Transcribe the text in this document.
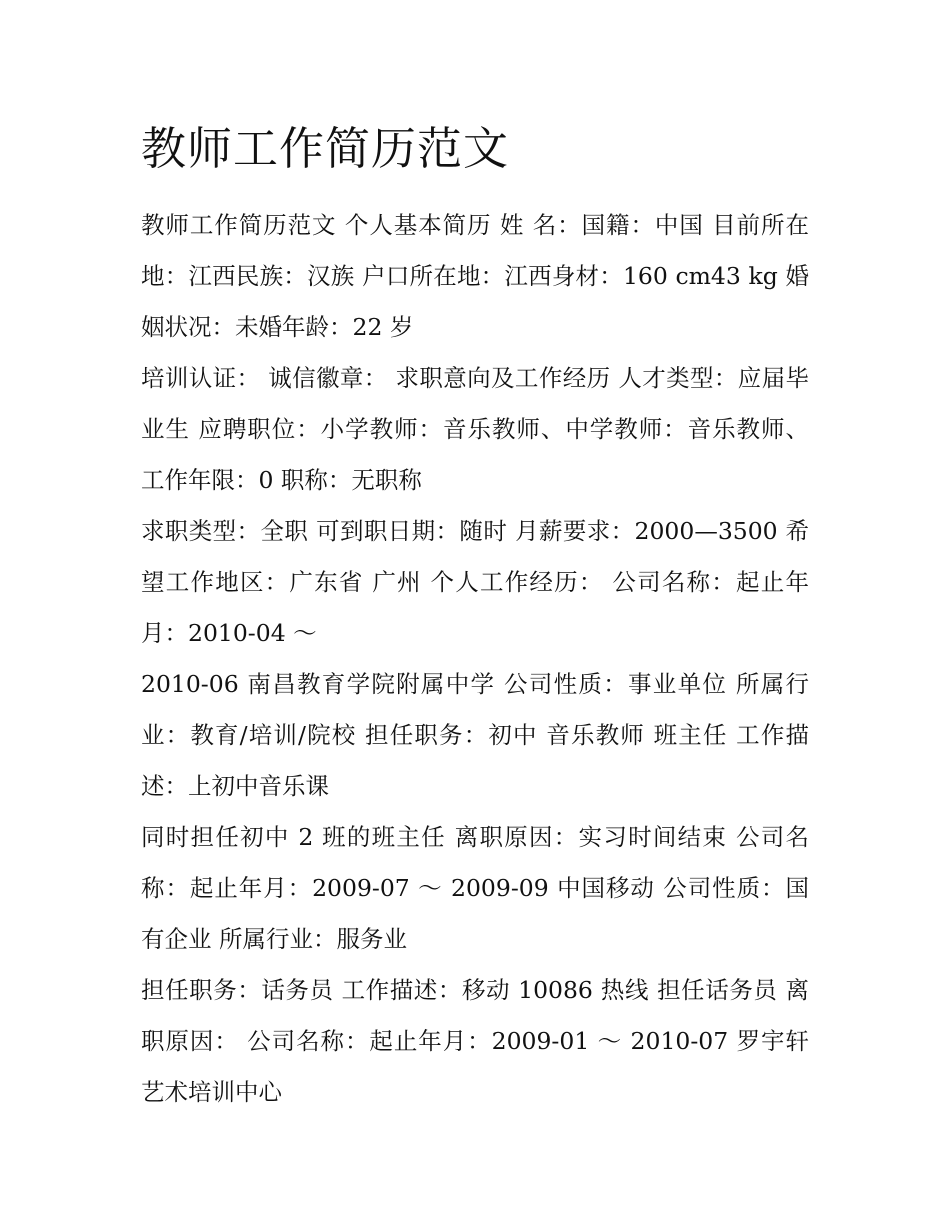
教师工作简历范文

教师工作简历范文 个人基本简历 姓 名：国籍：中国 目前所在地：江西民族：汉族 户口所在地：江西身材：160 cm43 kg 婚姻状况：未婚年龄：22 岁

培训认证： 诚信徽章： 求职意向及工作经历 人才类型：应届毕业生 应聘职位：小学教师：音乐教师、中学教师：音乐教师、 工作年限：0 职称：无职称

求职类型：全职 可到职日期：随时 月薪要求：2000—3500 希望工作地区：广东省 广州 个人工作经历： 公司名称：起止年月：2010-04 ～

2010-06 南昌教育学院附属中学 公司性质：事业单位 所属行业：教育/培训/院校 担任职务：初中 音乐教师 班主任 工作描述：上初中音乐课

同时担任初中 2 班的班主任 离职原因：实习时间结束 公司名称：起止年月：2009-07 ～ 2009-09 中国移动 公司性质：国有企业 所属行业：服务业

担任职务：话务员 工作描述：移动 10086 热线 担任话务员 离职原因： 公司名称：起止年月：2009-01 ～ 2010-07 罗宇轩艺术培训中心
